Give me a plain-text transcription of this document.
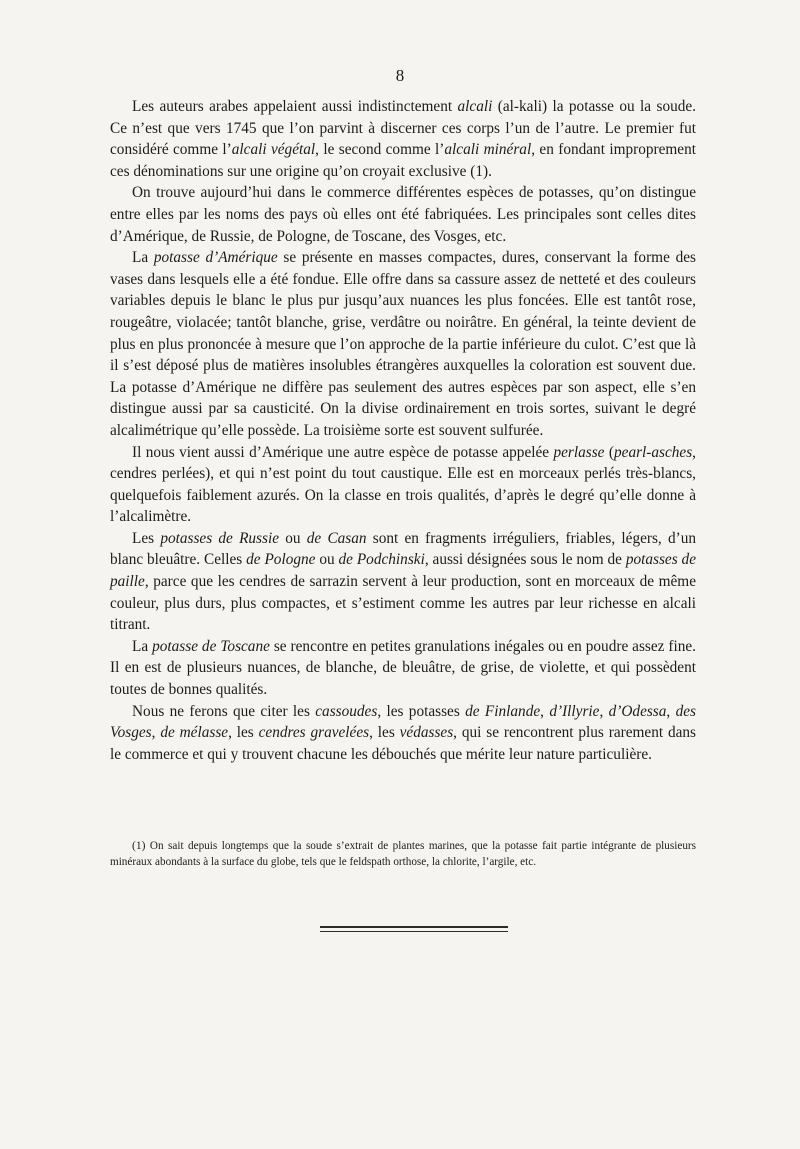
8

Les auteurs arabes appelaient aussi indistinctement alcali (al-kali) la potasse ou la soude. Ce n’est que vers 1745 que l’on parvint à discerner ces corps l’un de l’autre. Le premier fut considéré comme l’alcali végétal, le second comme l’alcali minéral, en fondant improprement ces dénominations sur une origine qu’on croyait exclusive (1).

On trouve aujourd’hui dans le commerce différentes espèces de potasses, qu’on distingue entre elles par les noms des pays où elles ont été fabriquées. Les principales sont celles dites d’Amérique, de Russie, de Pologne, de Toscane, des Vosges, etc.

La potasse d’Amérique se présente en masses compactes, dures, conservant la forme des vases dans lesquels elle a été fondue. Elle offre dans sa cassure assez de netteté et des couleurs variables depuis le blanc le plus pur jusqu’aux nuances les plus foncées. Elle est tantôt rose, rougeâtre, violacée; tantôt blanche, grise, verdâtre ou noirâtre. En général, la teinte devient de plus en plus prononcée à mesure que l’on approche de la partie inférieure du culot. C’est que là il s’est déposé plus de matières insolubles étrangères auxquelles la coloration est souvent due. La potasse d’Amérique ne diffère pas seulement des autres espèces par son aspect, elle s’en distingue aussi par sa causticité. On la divise ordinairement en trois sortes, suivant le degré alcalimétrique qu’elle possède. La troisième sorte est souvent sulfurée.

Il nous vient aussi d’Amérique une autre espèce de potasse appelée perlasse (pearl-asches, cendres perlées), et qui n’est point du tout caustique. Elle est en morceaux perlés très-blancs, quelquefois faiblement azurés. On la classe en trois qualités, d’après le degré qu’elle donne à l’alcalimètre.

Les potasses de Russie ou de Casan sont en fragments irréguliers, friables, légers, d’un blanc bleuâtre. Celles de Pologne ou de Podchinski, aussi désignées sous le nom de potasses de paille, parce que les cendres de sarrazin servent à leur production, sont en morceaux de même couleur, plus durs, plus compactes, et s’estiment comme les autres par leur richesse en alcali titrant.

La potasse de Toscane se rencontre en petites granulations inégales ou en poudre assez fine. Il en est de plusieurs nuances, de blanche, de bleuâtre, de grise, de violette, et qui possèdent toutes de bonnes qualités.

Nous ne ferons que citer les cassoudes, les potasses de Finlande, d’Illyrie, d’Odessa, des Vosges, de mélasse, les cendres gravelées, les védasses, qui se rencontrent plus rarement dans le commerce et qui y trouvent chacune les débouchés que mérite leur nature particulière.

(1) On sait depuis longtemps que la soude s’extrait de plantes marines, que la potasse fait partie intégrante de plusieurs minéraux abondants à la surface du globe, tels que le feldspath orthose, la chlorite, l’argile, etc.
